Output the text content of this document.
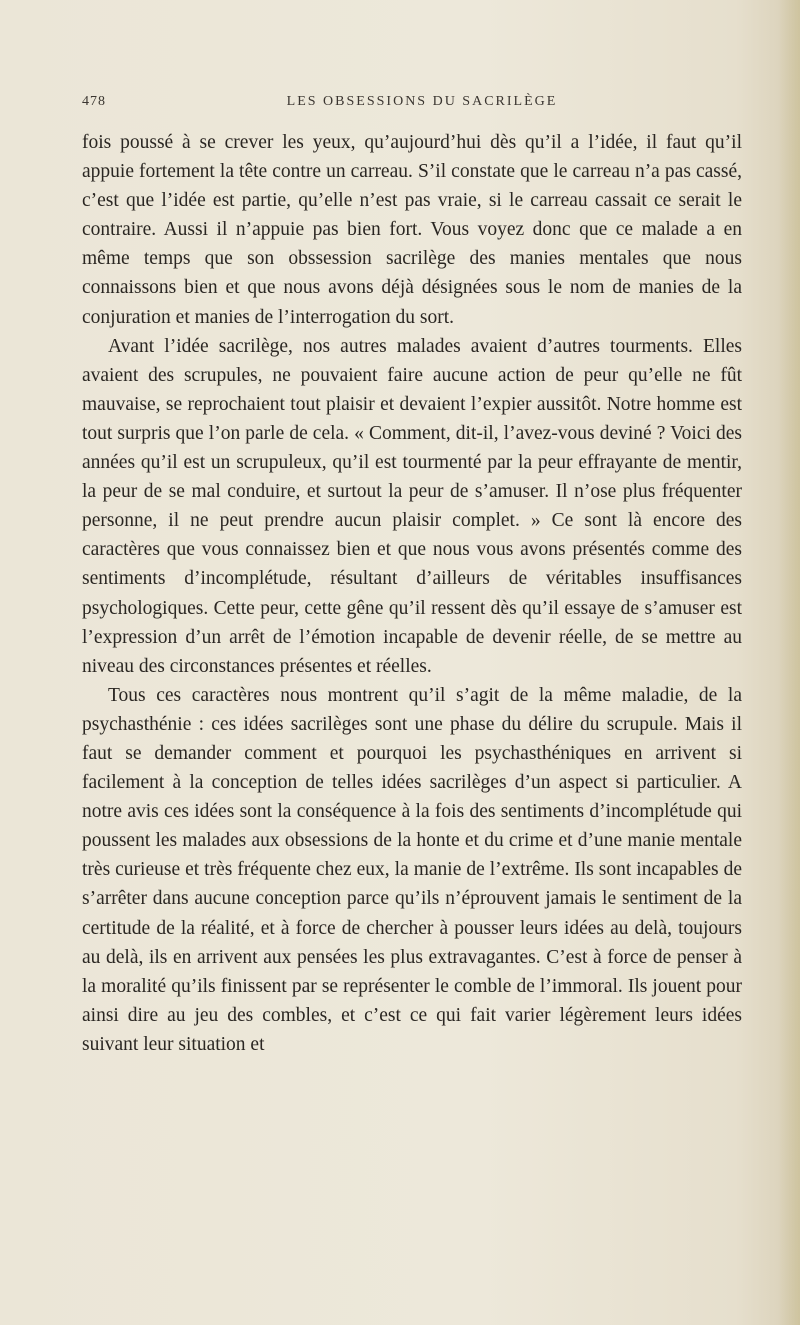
478	LES OBSESSIONS DU SACRILÈGE

fois poussé à se crever les yeux, qu’aujourd’hui dès qu’il a l’idée, il faut qu’il appuie fortement la tête contre un carreau. S’il constate que le carreau n’a pas cassé, c’est que l’idée est partie, qu’elle n’est pas vraie, si le carreau cassait ce serait le contraire. Aussi il n’appuie pas bien fort. Vous voyez donc que ce malade a en même temps que son obssession sacrilège des manies mentales que nous connaissons bien et que nous avons déjà désignées sous le nom de manies de la conjuration et manies de l’interrogation du sort.

Avant l’idée sacrilège, nos autres malades avaient d’autres tourments. Elles avaient des scrupules, ne pouvaient faire aucune action de peur qu’elle ne fût mauvaise, se reprochaient tout plaisir et devaient l’expier aussitôt. Notre homme est tout surpris que l’on parle de cela. « Comment, dit-il, l’avez-vous deviné ? Voici des années qu’il est un scrupuleux, qu’il est tourmenté par la peur effrayante de mentir, la peur de se mal conduire, et surtout la peur de s’amuser. Il n’ose plus fréquenter personne, il ne peut prendre aucun plaisir complet. » Ce sont là encore des caractères que vous connaissez bien et que nous vous avons présentés comme des sentiments d’incomplétude, résultant d’ailleurs de véritables insuffisances psychologiques. Cette peur, cette gêne qu’il ressent dès qu’il essaye de s’amuser est l’expression d’un arrêt de l’émotion incapable de devenir réelle, de se mettre au niveau des circonstances présentes et réelles.

Tous ces caractères nous montrent qu’il s’agit de la même maladie, de la psychasthénie : ces idées sacrilèges sont une phase du délire du scrupule. Mais il faut se demander comment et pourquoi les psychasthéniques en arrivent si facilement à la conception de telles idées sacrilèges d’un aspect si particulier. A notre avis ces idées sont la conséquence à la fois des sentiments d’incomplétude qui poussent les malades aux obsessions de la honte et du crime et d’une manie mentale très curieuse et très fréquente chez eux, la manie de l’extrême. Ils sont incapables de s’arrêter dans aucune conception parce qu’ils n’éprouvent jamais le sentiment de la certitude de la réalité, et à force de chercher à pousser leurs idées au delà, toujours au delà, ils en arrivent aux pensées les plus extravagantes. C’est à force de penser à la moralité qu’ils finissent par se représenter le comble de l’immoral. Ils jouent pour ainsi dire au jeu des combles, et c’est ce qui fait varier légèrement leurs idées suivant leur situation et
